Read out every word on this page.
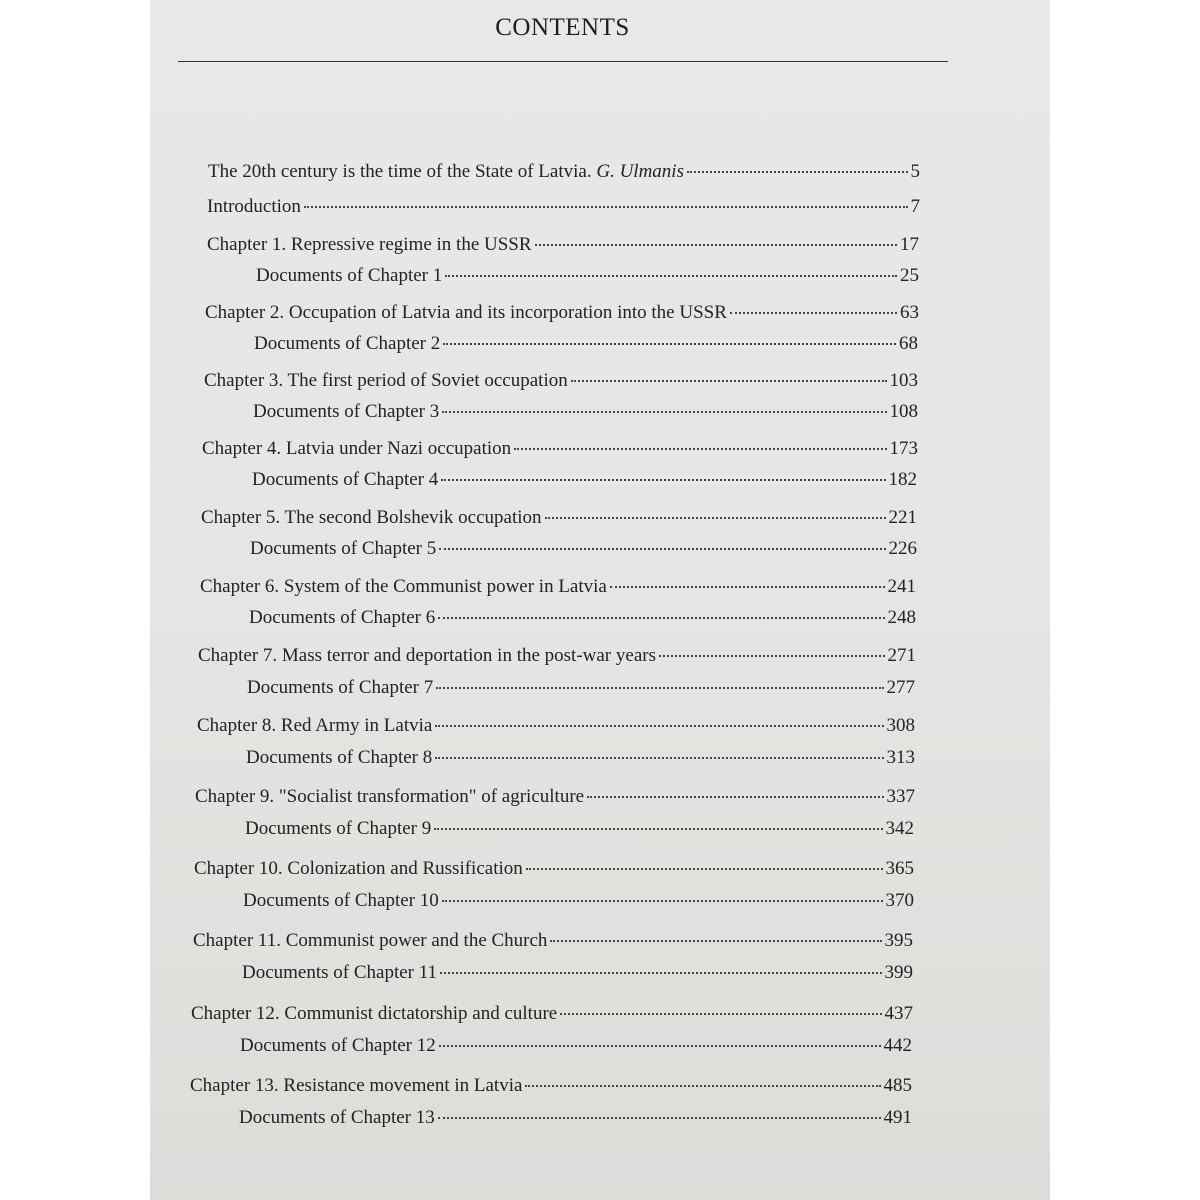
CONTENTS
The 20th century is the time of the State of Latvia. G. Ulmanis	5
Introduction	7
Chapter 1. Repressive regime in the USSR	17
Documents of Chapter 1	25
Chapter 2. Occupation of Latvia and its incorporation into the USSR	63
Documents of Chapter 2	68
Chapter 3. The first period of Soviet occupation	103
Documents of Chapter 3	108
Chapter 4. Latvia under Nazi occupation	173
Documents of Chapter 4	182
Chapter 5. The second Bolshevik occupation	221
Documents of Chapter 5	226
Chapter 6. System of the Communist power in Latvia	241
Documents of Chapter 6	248
Chapter 7. Mass terror and deportation in the post-war years	271
Documents of Chapter 7	277
Chapter 8. Red Army in Latvia	308
Documents of Chapter 8	313
Chapter 9. "Socialist transformation" of agriculture	337
Documents of Chapter 9	342
Chapter 10. Colonization and Russification	365
Documents of Chapter 10	370
Chapter 11. Communist power and the Church	395
Documents of Chapter 11	399
Chapter 12. Communist dictatorship and culture	437
Documents of Chapter 12	442
Chapter 13. Resistance movement in Latvia	485
Documents of Chapter 13	491
